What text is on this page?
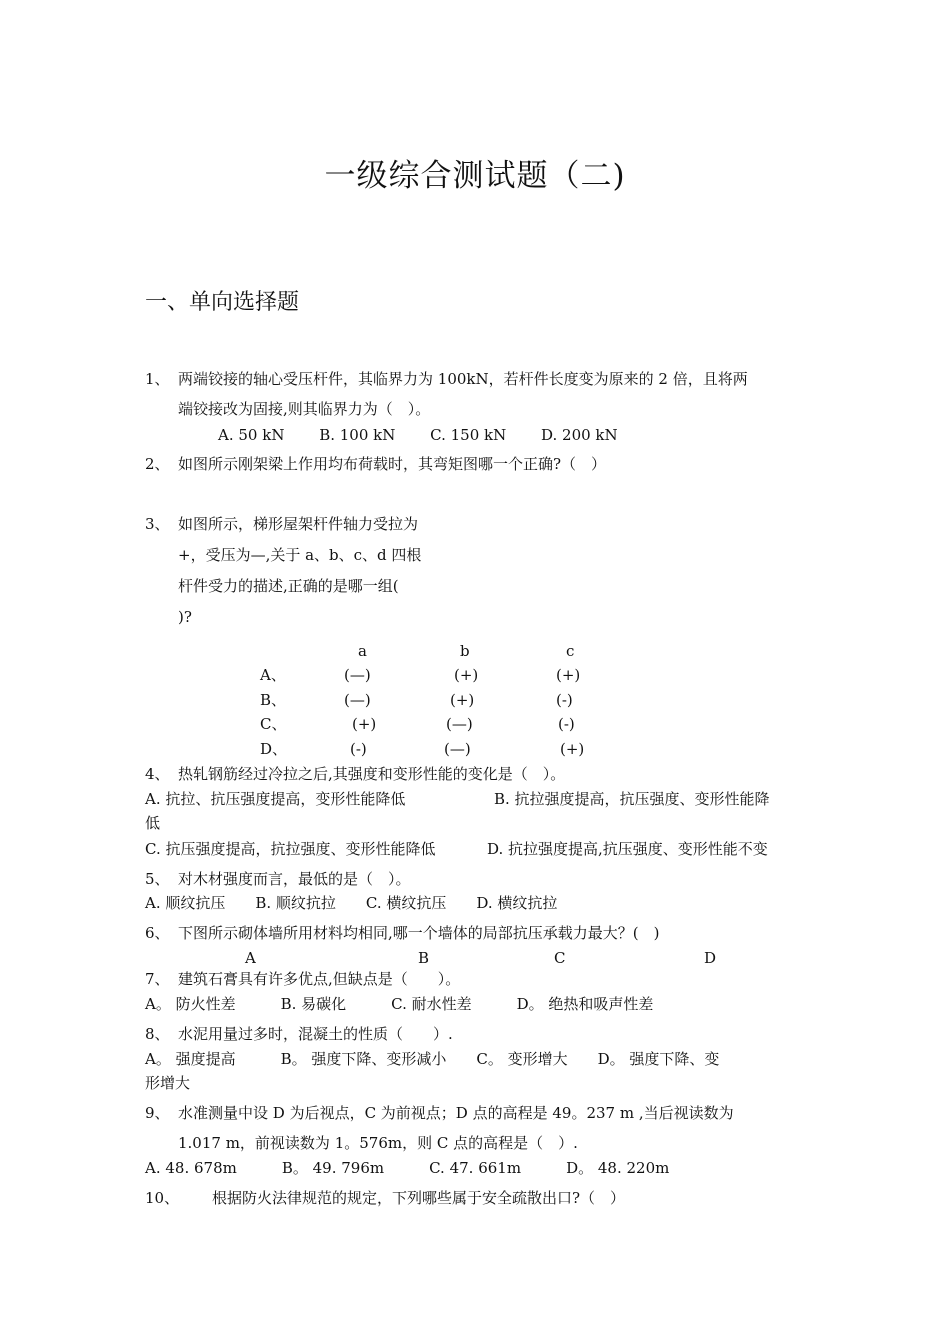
一级综合测试题（二)
一、单向选择题
1、 两端铰接的轴心受压杆件，其临界力为 100kN，若杆件长度变为原来的 2 倍，且将两
端铰接改为固接,则其临界力为（　）。
A. 50 kN　　 B. 100 kN　　 C. 150 kN　　 D. 200 kN
2、 如图所示刚架梁上作用均布荷载时，其弯矩图哪一个正确?（　）
3、 如图所示，梯形屋架杆件轴力受拉为
+，受压为—,关于 a、b、c、d 四根
杆件受力的描述,正确的是哪一组(
)?
a	b	c
A、	(—)	(+)	(+)
B、	(—)	(+)	(-)
C、	(+)	(—)	(-)
D、	(-)	(—)	(+)
4、 热轧钢筋经过冷拉之后,其强度和变形性能的变化是（　）。
A. 抗拉、抗压强度提高，变形性能降低	B. 抗拉强度提高，抗压强度、变形性能降
低
C. 抗压强度提高，抗拉强度、变形性能降低	D. 抗拉强度提高,抗压强度、变形性能不变
5、 对木材强度而言，最低的是（　）。
A. 顺纹抗压　　B. 顺纹抗拉　　C. 横纹抗压　　D. 横纹抗拉
6、 下图所示砌体墙所用材料均相同,哪一个墙体的局部抗压承载力最大？(　)
A	B	C	D
7、 建筑石膏具有许多优点,但缺点是（　　）。
A。 防火性差　　　B. 易碳化　　　C. 耐水性差　　　D。 绝热和吸声性差
8、 水泥用量过多时，混凝土的性质（　　）.
A。 强度提高　　　B。 强度下降、变形减小　　C。 变形增大　　D。 强度下降、变
形增大
9、 水准测量中设 D 为后视点，C 为前视点；D 点的高程是 49。237 m ,当后视读数为
1.017 m，前视读数为 1。576m，则 C 点的高程是（　）.
A. 48. 678m　　　B。 49. 796m　　　C. 47. 661m　　　D。 48. 220m
10、 根据防火法律规范的规定，下列哪些属于安全疏散出口?（　）
